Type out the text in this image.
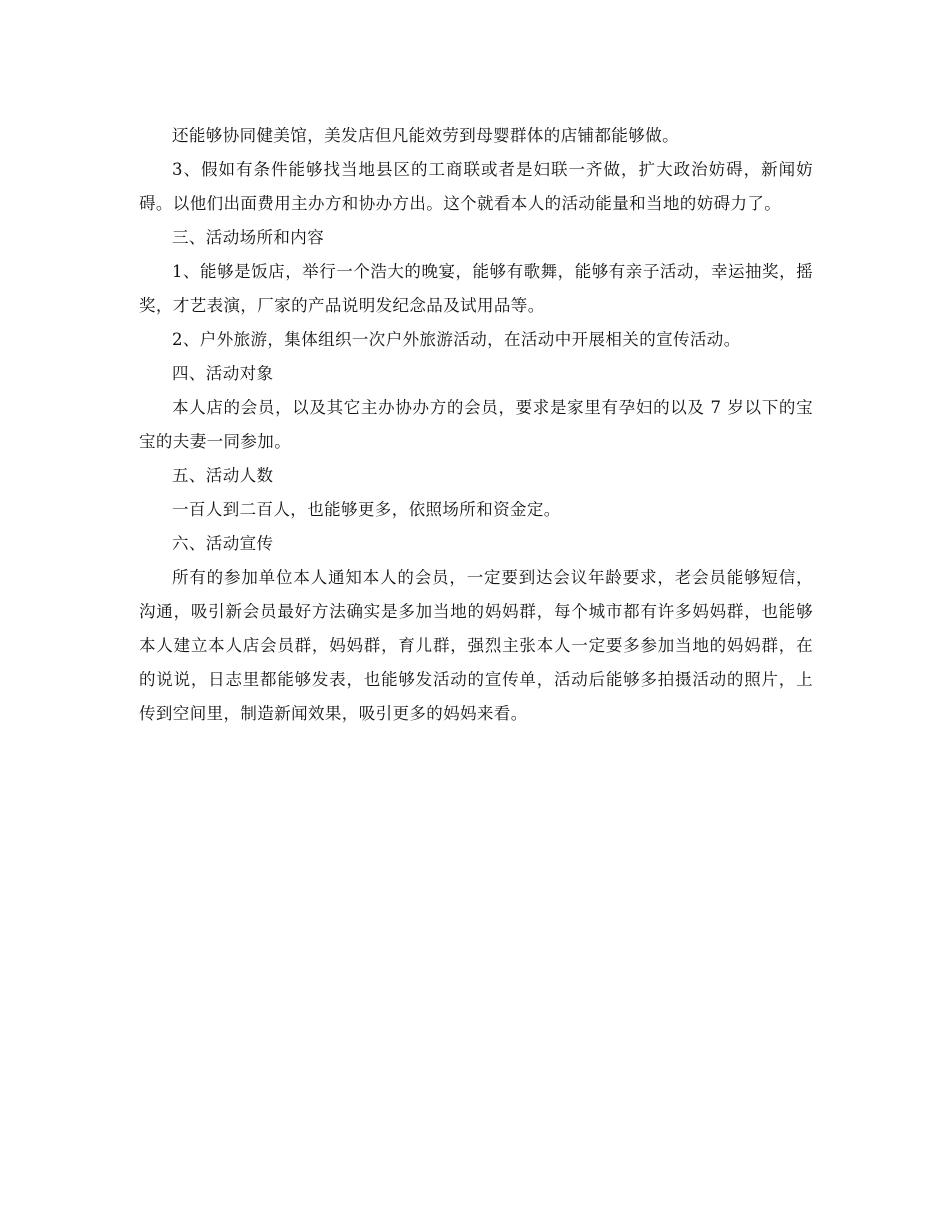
还能够协同健美馆，美发店但凡能效劳到母婴群体的店铺都能够做。

3、假如有条件能够找当地县区的工商联或者是妇联一齐做，扩大政治妨碍，新闻妨碍。以他们出面费用主办方和协办方出。这个就看本人的活动能量和当地的妨碍力了。

三、活动场所和内容

1、能够是饭店，举行一个浩大的晚宴，能够有歌舞，能够有亲子活动，幸运抽奖，摇奖，才艺表演，厂家的产品说明发纪念品及试用品等。

2、户外旅游，集体组织一次户外旅游活动，在活动中开展相关的宣传活动。

四、活动对象

本人店的会员，以及其它主办协办方的会员，要求是家里有孕妇的以及 7 岁以下的宝宝的夫妻一同参加。

五、活动人数

一百人到二百人，也能够更多，依照场所和资金定。

六、活动宣传

所有的参加单位本人通知本人的会员，一定要到达会议年龄要求，老会员能够短信，沟通，吸引新会员最好方法确实是多加当地的妈妈群，每个城市都有许多妈妈群，也能够本人建立本人店会员群，妈妈群，育儿群，强烈主张本人一定要多参加当地的妈妈群，在的说说，日志里都能够发表，也能够发活动的宣传单，活动后能够多拍摄活动的照片，上传到空间里，制造新闻效果，吸引更多的妈妈来看。
